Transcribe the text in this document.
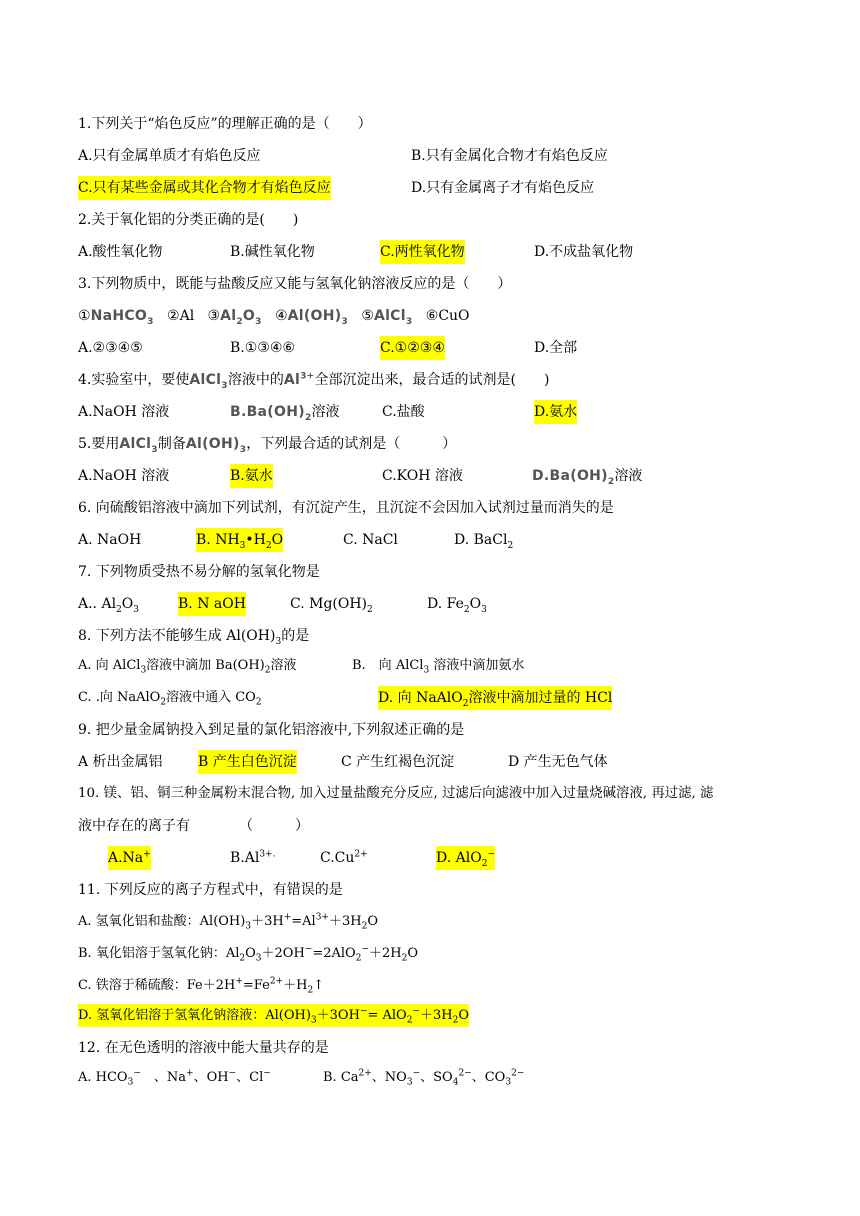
1.下列关于“焰色反应”的理解正确的是（　　）
A.只有金属单质才有焰色反应	B.只有金属化合物才有焰色反应
C.只有某些金属或其化合物才有焰色反应	D.只有金属离子才有焰色反应
2.关于氧化铝的分类正确的是(　　)
A.酸性氧化物	B.碱性氧化物	C.两性氧化物	D.不成盐氧化物
3.下列物质中，既能与盐酸反应又能与氢氧化钠溶液反应的是（　　）
①NaHCO$_3$ ②Al $③Al_2O_3$ $④Al(OH)_3$ ⑤AlCl$_3$ ⑥CuO
A.②③④⑤	B.①③④⑥	C.①②③④	D.全部
4.实验室中，要使AlCl$_3$溶液中的$Al^{3+}$全部沉淀出来，最合适的试剂是(　　)
A.NaOH 溶液	$B.Ba(OH)_2$溶液	C.盐酸	D.氨水
5.要用AlCl$_3$制备$Al(OH)_3$，下列最合适的试剂是（　　　）
A.NaOH 溶液	B.氨水	C.KOH 溶液	$D.Ba(OH)_2$溶液
6. 向硫酸铝溶液中滴加下列试剂，有沉淀产生，且沉淀不会因加入试剂过量而消失的是
A. NaOH	B. $NH_3•H_2O$	C. NaCl	D. BaCl$_2$
7. 下列物质受热不易分解的氢氧化物是
A.. $Al_2O_3$	B. N aOH	C. $Mg(OH)_2$	D. $Fe_2O_3$
8. 下列方法不能够生成 $Al(OH)_3$的是
A. 向 AlCl$_3$溶液中滴加 $Ba(OH)_2$溶液	B.　向 AlCl$_3$ 溶液中滴加氨水
C. .向 NaAlO$_2$溶液中通入 $CO_2$	D. 向 NaAlO$_2$溶液中滴加过量的 HCl
9. 把少量金属钠投入到足量的氯化铝溶液中,下列叙述正确的是
A 析出金属铝	B 产生白色沉淀	C 产生红褐色沉淀	D 产生无色气体
10. 镁、铝、铜三种金属粉末混合物, 加入过量盐酸充分反应, 过滤后向滤液中加入过量烧碱溶液, 再过滤, 滤
液中存在的离子有　　　　（　　　）
A.Na+	$B.Al^{3+.}$	$C.Cu^{2+}$	D. AlO$_2$−
11. 下列反应的离子方程式中，有错误的是
A. 氢氧化铝和盐酸：$Al(OH)_3+3H^+=Al^{3+}+3H_2O$
B. 氧化铝溶于氢氧化钠：$Al_2O_3+2OH^-=2AlO_2^-+2H_2O$
C. 铁溶于稀硫酸：$Fe+2H^+=Fe^{2+}+H_2↑$
D. 氢氧化铝溶于氢氧化钠溶液：$Al(OH)_3+3OH^-= AlO_2^-+3H_2O$
12. 在无色透明的溶液中能大量共存的是
A. $HCO_3^-$　、Na+、OH−、Cl−	B. $Ca^{2+}$、$NO_3^-$、$SO_4^{2-}$、$CO_3^{2-}$
